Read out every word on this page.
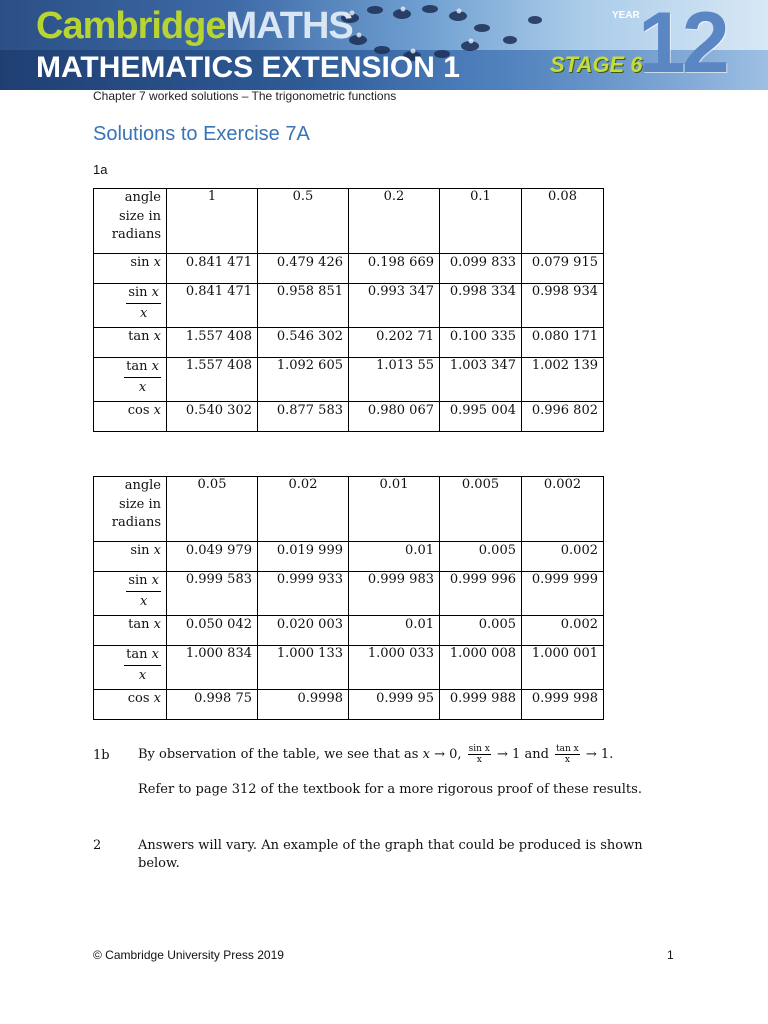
CambridgeMATHS
MATHEMATICS EXTENSION 1	STAGE 6
YEAR
12
Chapter 7 worked solutions – The trigonometric functions
Solutions to Exercise 7A
1a
angle
size in
radians	1	0.5	0.2	0.1	0.08
sin x	0.841 471	0.479 426	0.198 669	0.099 833	0.079 915

$\frac{\text{sin x}}{x}$	0.841 471	0.958 851	0.993 347	0.998 334	0.998 934
tan x	1.557 408	0.546 302	0.202 71	0.100 335	0.080 171

$\frac{\text{tan x}}{x}$	1.557 408	1.092 605	1.013 55	1.003 347	1.002 139
cos x	0.540 302	0.877 583	0.980 067	0.995 004	0.996 802
angle
size in
radians	0.05	0.02	0.01	0.005	0.002
sin x	0.049 979	0.019 999	0.01	0.005	0.002

$\frac{\text{sin x}}{x}$	0.999 583	0.999 933	0.999 983	0.999 996	0.999 999
tan x	0.050 042	0.020 003	0.01	0.005	0.002

$\frac{\text{tan x}}{x}$	1.000 834	1.000 133	1.000 033	1.000 008	1.000 001
cos x	0.998 75	0.9998	0.999 95	0.999 988	0.999 998
1b By observation of the table, we see that as x → 0, $\frac{\text{sin x}}{x} \to 1$ and $\frac{\text{tan x}}{x} \to 1$.
Refer to page 312 of the textbook for a more rigorous proof of these results.
2	Answers will vary. An example of the graph that could be produced is shown below.
© Cambridge University Press 2019	1
